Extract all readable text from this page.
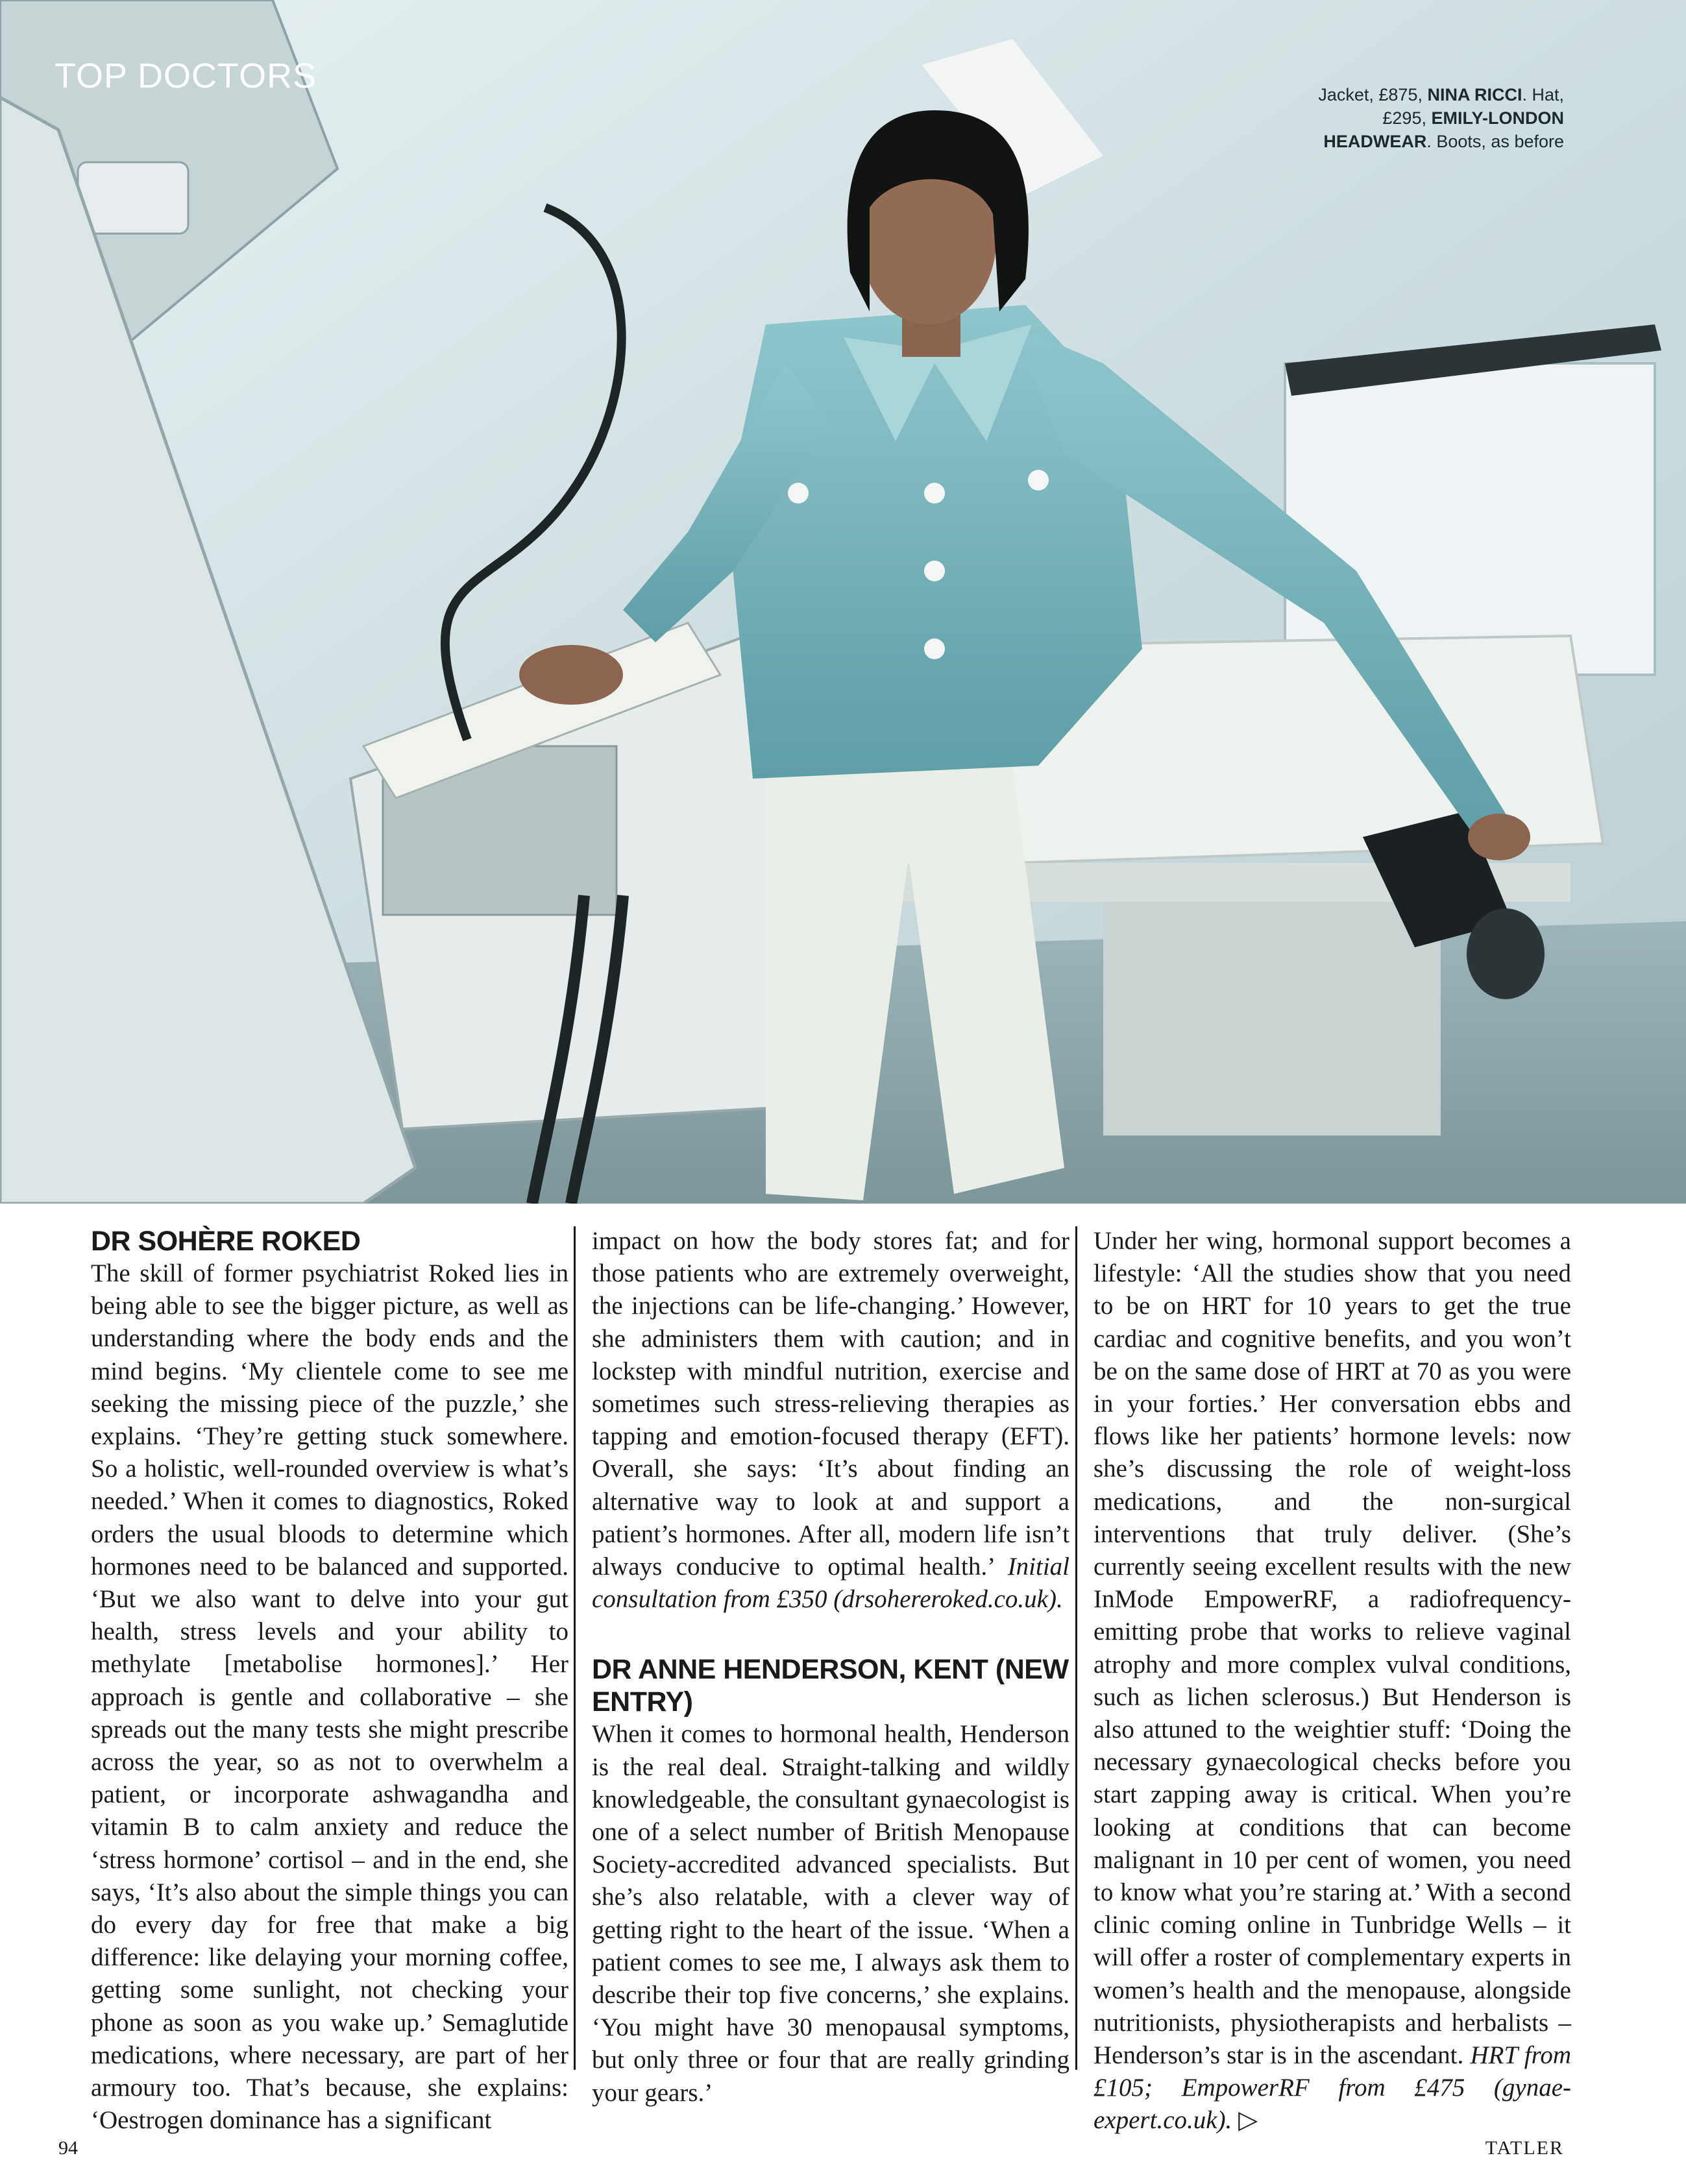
TOP DOCTORS	Jacket, £875, NINA RICCI. Hat, £295, EMILY-LONDON HEADWEAR. Boots, as before
DR SOHÈRE ROKED

The skill of former psychiatrist Roked lies in being able to see the bigger picture, as well as understanding where the body ends and the mind begins. ‘My clientele come to see me seeking the missing piece of the puzzle,’ she explains. ‘They’re getting stuck somewhere. So a holistic, well-rounded overview is what’s needed.’ When it comes to diagnostics, Roked orders the usual bloods to determine which hormones need to be balanced and supported. ‘But we also want to delve into your gut health, stress levels and your ability to methylate [metabolise hormones].’ Her approach is gentle and collaborative – she spreads out the many tests she might prescribe across the year, so as not to overwhelm a patient, or incorporate ashwagandha and vitamin B to calm anxiety and reduce the ‘stress hormone’ cortisol – and in the end, she says, ‘It’s also about the simple things you can do every day for free that make a big difference: like delaying your morning coffee, getting some sunlight, not checking your phone as soon as you wake up.’ Semaglutide medications, where necessary, are part of her armoury too. That’s because, she explains: ‘Oestrogen dominance has a significant

impact on how the body stores fat; and for those patients who are extremely overweight, the injections can be life-changing.’ However, she administers them with caution; and in lockstep with mindful nutrition, exercise and sometimes such stress-relieving therapies as tapping and emotion-focused therapy (EFT). Overall, she says: ‘It’s about finding an alternative way to look at and support a patient’s hormones. After all, modern life isn’t always conducive to optimal health.’ Initial consultation from £350 (drsohereroked.co.uk).

DR ANNE HENDERSON, KENT (NEW ENTRY)

When it comes to hormonal health, Henderson is the real deal. Straight-talking and wildly knowledgeable, the consultant gynaecologist is one of a select number of British Menopause Society-accredited advanced specialists. But she’s also relatable, with a clever way of getting right to the heart of the issue. ‘When a patient comes to see me, I always ask them to describe their top five concerns,’ she explains. ‘You might have 30 menopausal symptoms, but only three or four that are really grinding your gears.’

Under her wing, hormonal support becomes a lifestyle: ‘All the studies show that you need to be on HRT for 10 years to get the true cardiac and cognitive benefits, and you won’t be on the same dose of HRT at 70 as you were in your forties.’ Her conversation ebbs and flows like her patients’ hormone levels: now she’s discussing the role of weight-loss medications, and the non-surgical interventions that truly deliver. (She’s currently seeing excellent results with the new InMode EmpowerRF, a radiofrequency-emitting probe that works to relieve vaginal atrophy and more complex vulval conditions, such as lichen sclerosus.) But Henderson is also attuned to the weightier stuff: ‘Doing the necessary gynaecological checks before you start zapping away is critical. When you’re looking at conditions that can become malignant in 10 per cent of women, you need to know what you’re staring at.’ With a second clinic coming online in Tunbridge Wells – it will offer a roster of complementary experts in women’s health and the menopause, alongside nutritionists, physiotherapists and herbalists – Henderson’s star is in the ascendant. HRT from £105; EmpowerRF from £475 (gynae-expert.co.uk). ▷

94	TATLER
